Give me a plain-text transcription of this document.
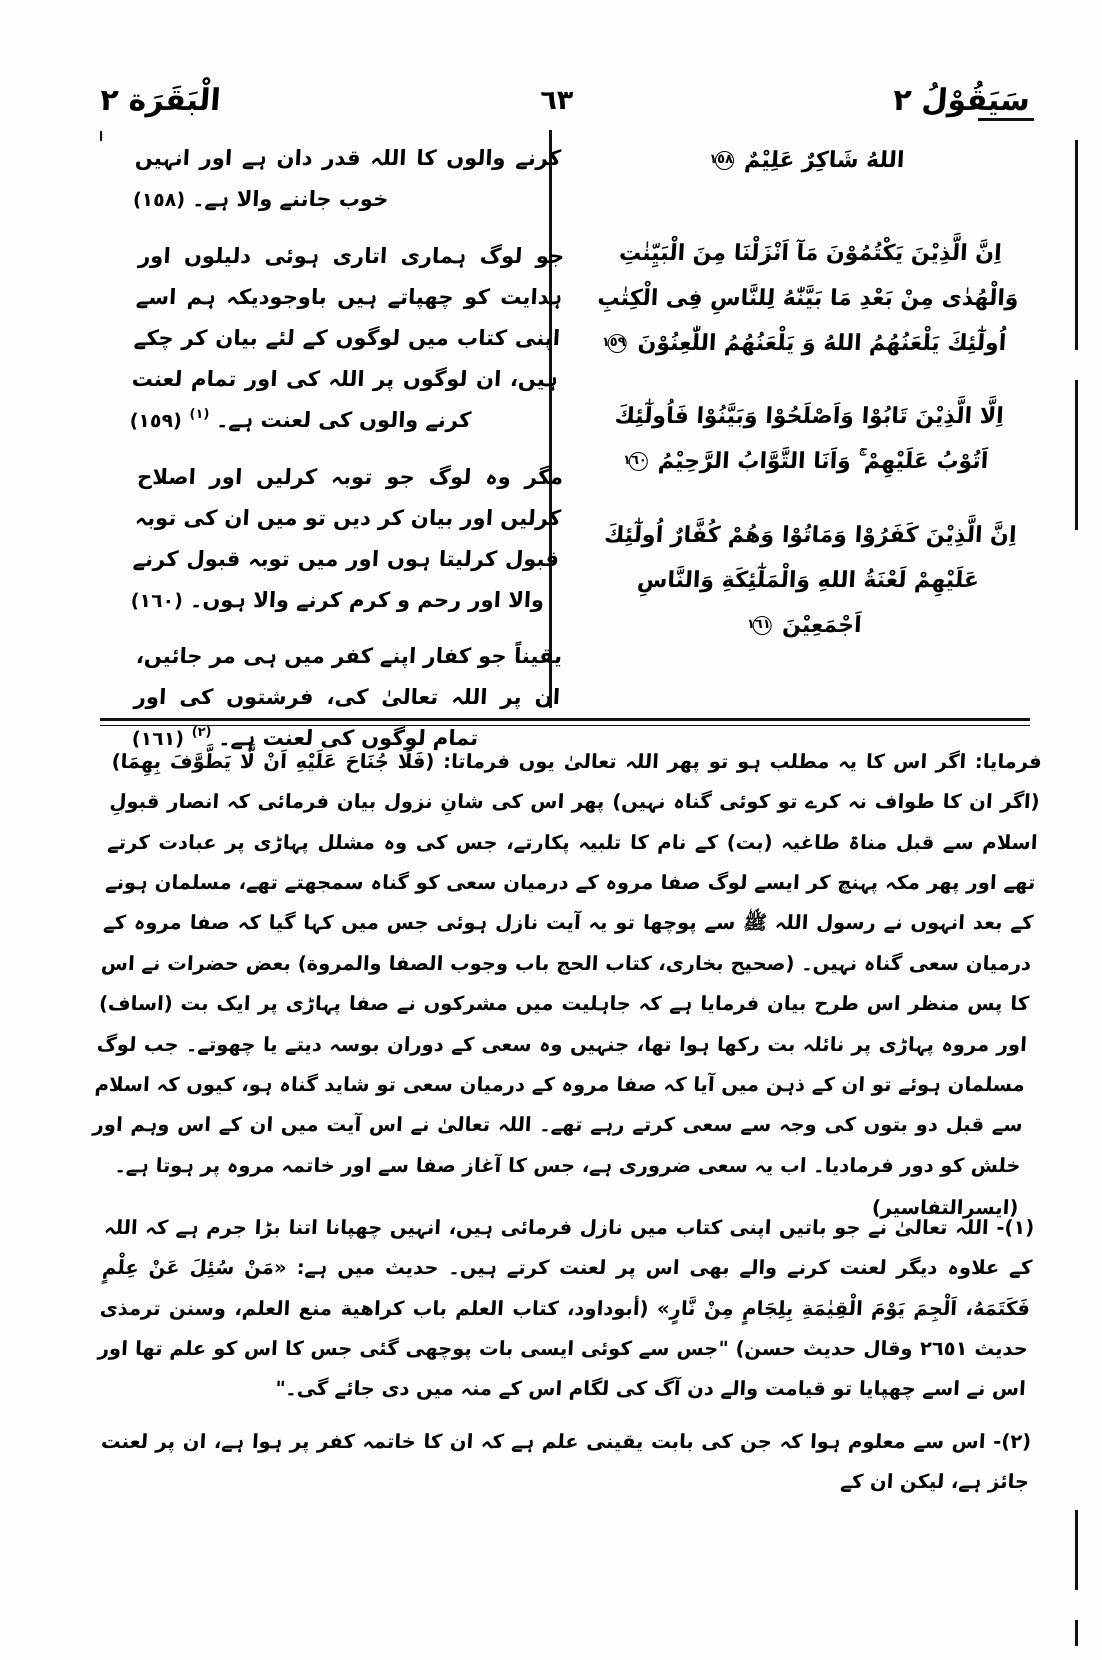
سَيَقُوْلُ ٢
٦٣
الْبَقَرَة ٢

اللهُ شَاكِرٌ عَلِيْمٌ ١٥٨

اِنَّ الَّذِيْنَ يَكْتُمُوْنَ مَآ اَنْزَلْنَا مِنَ الْبَيِّنٰتِ وَالْهُدٰى مِنْ بَعْدِ مَا بَيَّنّٰهُ لِلنَّاسِ فِى الْكِتٰبِ اُولٰٓئِكَ يَلْعَنُهُمُ اللهُ وَ يَلْعَنُهُمُ اللّٰعِنُوْنَ ١٥٩

اِلَّا الَّذِيْنَ تَابُوْا وَاَصْلَحُوْا وَبَيَّنُوْا فَاُولٰٓئِكَ اَتُوْبُ عَلَيْهِمْ ۚ وَاَنَا التَّوَّابُ الرَّحِيْمُ ١٦٠

اِنَّ الَّذِيْنَ كَفَرُوْا وَمَاتُوْا وَهُمْ كُفَّارٌ اُولٰٓئِكَ عَلَيْهِمْ لَعْنَةُ اللهِ وَالْمَلٰٓئِكَةِ وَالنَّاسِ اَجْمَعِيْنَ ١٦١

کرنے والوں کا اللہ قدر دان ہے اور انہیں خوب جاننے والا ہے۔ (١٥٨)

جو لوگ ہماری اتاری ہوئی دلیلوں اور ہدایت کو چھپاتے ہیں باوجودیکہ ہم اسے اپنی کتاب میں لوگوں کے لئے بیان کر چکے ہیں، ان لوگوں پر اللہ کی اور تمام لعنت کرنے والوں کی لعنت ہے۔ $^{(١)}$ (١٥٩)

مگر وہ لوگ جو توبہ کرلیں اور اصلاح کرلیں اور بیان کر دیں تو میں ان کی توبہ قبول کرلیتا ہوں اور میں توبہ قبول کرنے والا اور رحم و کرم کرنے والا ہوں۔ (١٦٠)

یقیناً جو کفار اپنے کفر میں ہی مر جائیں، ان پر اللہ تعالیٰ کی، فرشتوں کی اور تمام لوگوں کی لعنت ہے۔ $^{(٢)}$ (١٦١)

فرمایا: اگر اس کا یہ مطلب ہو تو پھر اللہ تعالیٰ یوں فرماتا: (فَلَا جُنَاحَ عَلَيْهِ اَنْ لَّا يَطَّوَّفَ بِهِمَا) (اگر ان کا طواف نہ کرے تو کوئی گناہ نہیں) پھر اس کی شانِ نزول بیان فرمائی کہ انصار قبولِ اسلام سے قبل مناۃ طاغیہ (بت) کے نام کا تلبیہ پکارتے، جس کی وہ مشلل پہاڑی پر عبادت کرتے تھے اور پھر مکہ پہنچ کر ایسے لوگ صفا مروہ کے درمیان سعی کو گناہ سمجھتے تھے، مسلمان ہونے کے بعد انہوں نے رسول اللہ ﷺ سے پوچھا تو یہ آیت نازل ہوئی جس میں کہا گیا کہ صفا مروہ کے درمیان سعی گناہ نہیں۔ (صحیح بخاری، کتاب الحج باب وجوب الصفا والمروة) بعض حضرات نے اس کا پس منظر اس طرح بیان فرمایا ہے کہ جاہلیت میں مشرکوں نے صفا پہاڑی پر ایک بت (اساف) اور مروہ پہاڑی پر نائلہ بت رکھا ہوا تھا، جنہیں وہ سعی کے دوران بوسہ دیتے یا چھوتے۔ جب لوگ مسلمان ہوئے تو ان کے ذہن میں آیا کہ صفا مروہ کے درمیان سعی تو شاید گناہ ہو، کیوں کہ اسلام سے قبل دو بتوں کی وجہ سے سعی کرتے رہے تھے۔ اللہ تعالیٰ نے اس آیت میں ان کے اس وہم اور خلش کو دور فرمادیا۔ اب یہ سعی ضروری ہے، جس کا آغاز صفا سے اور خاتمہ مروہ پر ہوتا ہے۔
(ایسرالتفاسیر)

(١)- اللہ تعالیٰ نے جو باتیں اپنی کتاب میں نازل فرمائی ہیں، انہیں چھپانا اتنا بڑا جرم ہے کہ اللہ کے علاوہ دیگر لعنت کرنے والے بھی اس پر لعنت کرتے ہیں۔ حدیث میں ہے: «مَنْ سُئِلَ عَنْ عِلْمٍ فَكَتَمَهُ، اَلْجِمَ يَوْمَ الْقِيٰمَةِ بِلِجَامٍ مِنْ نَّارٍ» (أبوداود، کتاب العلم باب کراهية منع العلم، وسنن ترمذی حدیث ٢٦٥١ وقال حدیث حسن) "جس سے کوئی ایسی بات پوچھی گئی جس کا اس کو علم تھا اور اس نے اسے چھپایا تو قیامت والے دن آگ کی لگام اس کے منہ میں دی جائے گی۔"

(٢)- اس سے معلوم ہوا کہ جن کی بابت یقینی علم ہے کہ ان کا خاتمہ کفر پر ہوا ہے، ان پر لعنت جائز ہے، لیکن ان کے
